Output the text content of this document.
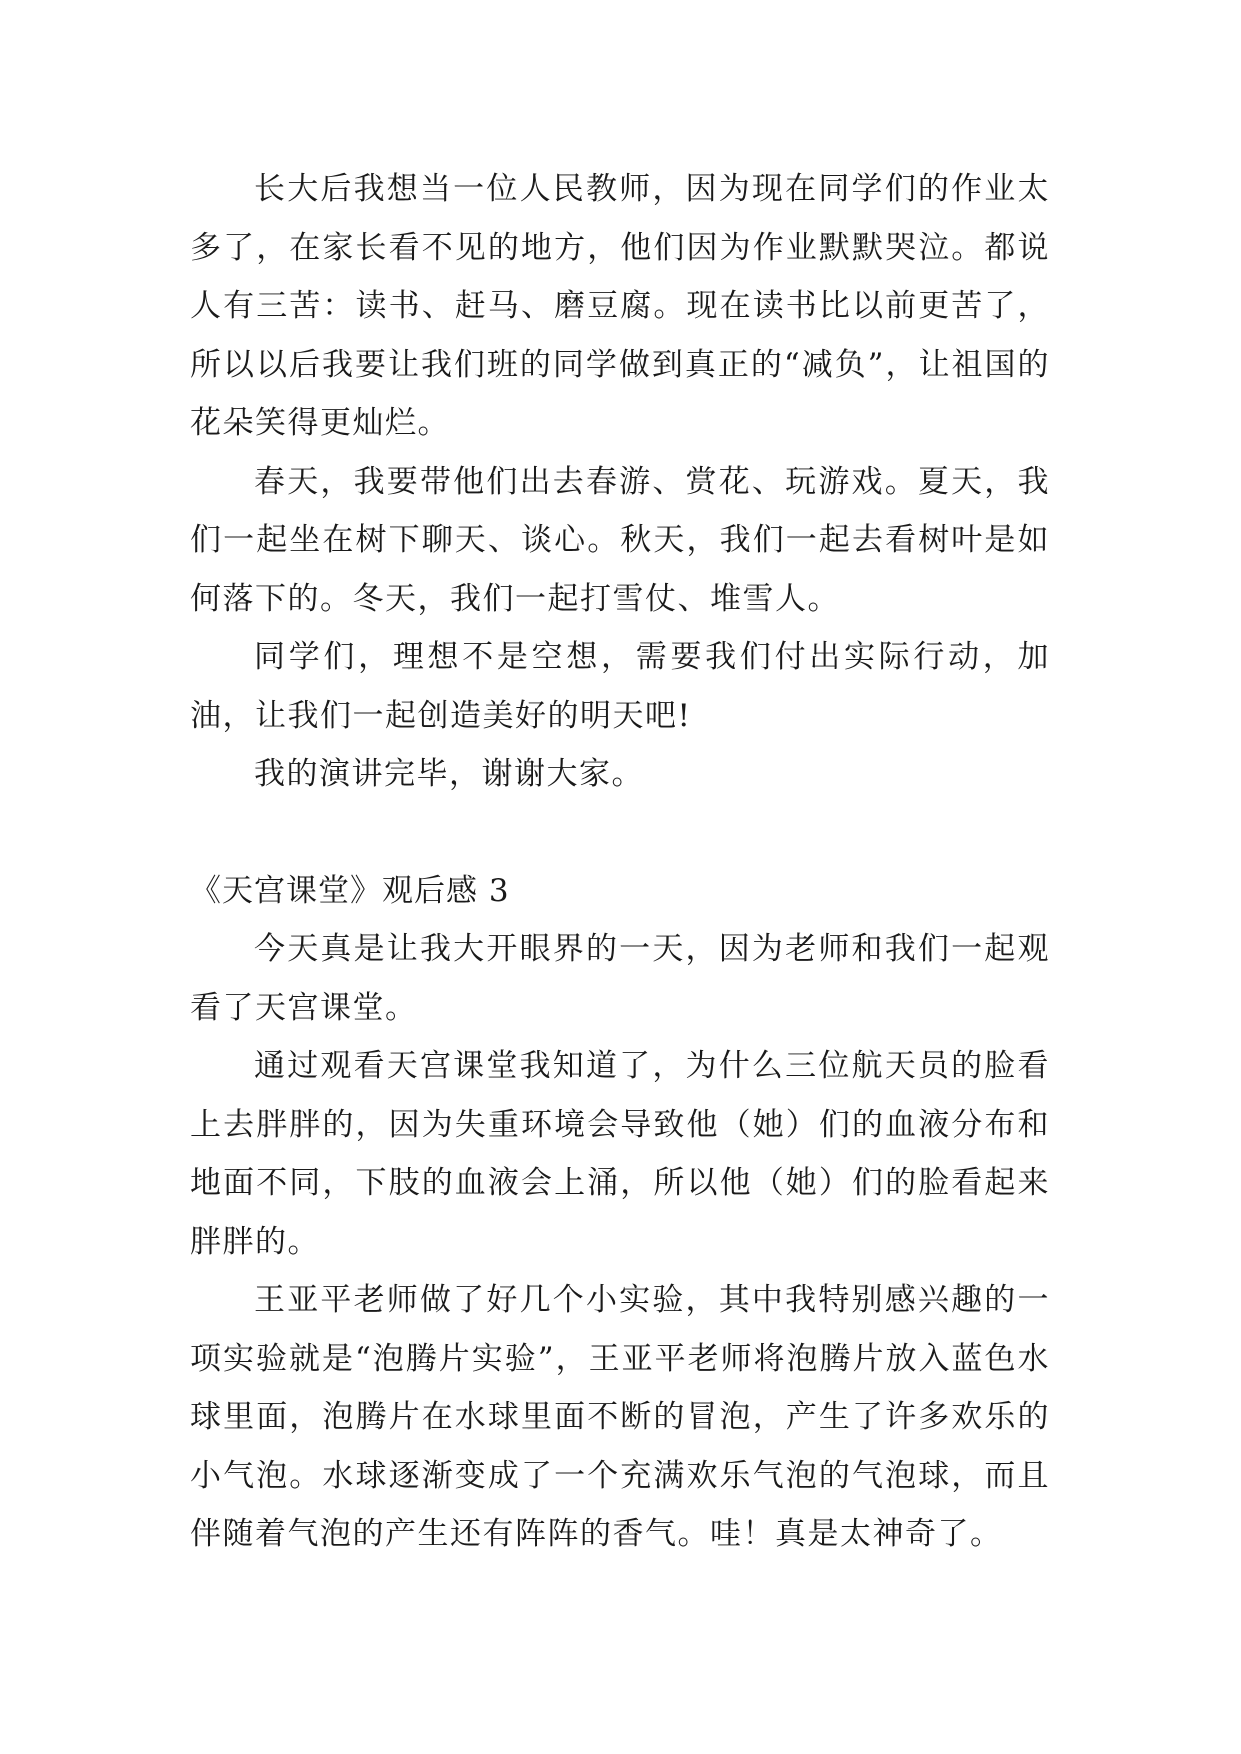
长大后我想当一位人民教师，因为现在同学们的作业太多了，在家长看不见的地方，他们因为作业默默哭泣。都说人有三苦：读书、赶马、磨豆腐。现在读书比以前更苦了，所以以后我要让我们班的同学做到真正的“减负”，让祖国的花朵笑得更灿烂。

春天，我要带他们出去春游、赏花、玩游戏。夏天，我们一起坐在树下聊天、谈心。秋天，我们一起去看树叶是如何落下的。冬天，我们一起打雪仗、堆雪人。

同学们，理想不是空想，需要我们付出实际行动，加油，让我们一起创造美好的明天吧!

我的演讲完毕，谢谢大家。

《天宫课堂》观后感 3

今天真是让我大开眼界的一天，因为老师和我们一起观看了天宫课堂。

通过观看天宫课堂我知道了，为什么三位航天员的脸看上去胖胖的，因为失重环境会导致他（她）们的血液分布和地面不同，下肢的血液会上涌，所以他（她）们的脸看起来胖胖的。

王亚平老师做了好几个小实验，其中我特别感兴趣的一项实验就是“泡腾片实验”，王亚平老师将泡腾片放入蓝色水球里面，泡腾片在水球里面不断的冒泡，产生了许多欢乐的小气泡。水球逐渐变成了一个充满欢乐气泡的气泡球，而且伴随着气泡的产生还有阵阵的香气。哇！真是太神奇了。
